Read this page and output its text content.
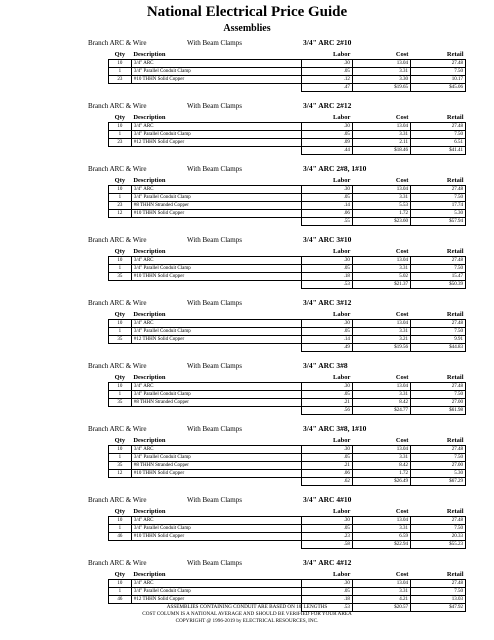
National Electrical Price Guide
Assemblies
Branch ARC & Wire	With Beam Clamps	3/4" ARC 2#10
Qty	Description	Labor	Cost	Retail
10	3/4" ARC	.30	13.04	27.48
1	3/4" Parallel Conduit Clamp	.05	3.31	7.50
23	#10 THHN Solid Copper	.12	3.30	10.17
		.47	$19.65	$45.06
Branch ARC & Wire	With Beam Clamps	3/4" ARC 2#12
Qty	Description	Labor	Cost	Retail
10	3/4" ARC	.30	13.04	27.48
1	3/4" Parallel Conduit Clamp	.05	3.31	7.50
23	#12 THHN Solid Copper	.09	2.11	6.51
		.44	$18.46	$41.41
Branch ARC & Wire	With Beam Clamps	3/4" ARC 2#8, 1#10
Qty	Description	Labor	Cost	Retail
10	3/4" ARC	.30	13.04	27.48
1	3/4" Parallel Conduit Clamp	.05	3.31	7.50
23	#8 THHN Stranded Copper	.14	5.53	17.74
12	#10 THHN Solid Copper	.06	1.72	5.30
		.55	$23.60	$57.94
Branch ARC & Wire	With Beam Clamps	3/4" ARC 3#10
Qty	Description	Labor	Cost	Retail
10	3/4" ARC	.30	13.04	27.48
1	3/4" Parallel Conduit Clamp	.05	3.31	7.50
35	#10 THHN Solid Copper	.18	5.02	15.47
		.53	$21.37	$50.39
Branch ARC & Wire	With Beam Clamps	3/4" ARC 3#12
Qty	Description	Labor	Cost	Retail
10	3/4" ARC	.30	13.04	27.48
1	3/4" Parallel Conduit Clamp	.05	3.31	7.50
35	#12 THHN Solid Copper	.14	3.21	9.91
		.49	$19.56	$44.83
Branch ARC & Wire	With Beam Clamps	3/4" ARC 3#8
Qty	Description	Labor	Cost	Retail
10	3/4" ARC	.30	13.04	27.48
1	3/4" Parallel Conduit Clamp	.05	3.31	7.50
35	#8 THHN Stranded Copper	.21	8.42	27.00
		.56	$24.77	$61.98
Branch ARC & Wire	With Beam Clamps	3/4" ARC 3#8, 1#10
Qty	Description	Labor	Cost	Retail
10	3/4" ARC	.30	13.04	27.48
1	3/4" Parallel Conduit Clamp	.05	3.31	7.50
35	#8 THHN Stranded Copper	.21	8.42	27.00
12	#10 THHN Solid Copper	.06	1.72	5.30
		.62	$26.49	$67.29
Branch ARC & Wire	With Beam Clamps	3/4" ARC 4#10
Qty	Description	Labor	Cost	Retail
10	3/4" ARC	.30	13.04	27.48
1	3/4" Parallel Conduit Clamp	.05	3.31	7.50
46	#10 THHN Solid Copper	.23	6.59	20.33
		.58	$22.94	$55.23
Branch ARC & Wire	With Beam Clamps	3/4" ARC 4#12
Qty	Description	Labor	Cost	Retail
10	3/4" ARC	.30	13.04	27.48
1	3/4" Parallel Conduit Clamp	.05	3.31	7.50
46	#12 THHN Solid Copper	.18	4.21	13.03
		.53	$20.57	$47.92
ASSEMBLIES CONTAINING CONDUIT ARE BASED ON 10' LENGTHS
COST COLUMN IS A NATIONAL AVERAGE AND SHOULD BE VERIFIED FOR YOUR AREA
COPYRIGHT @ 1996-2019 by ELECTRICAL RESOURCES, INC.
